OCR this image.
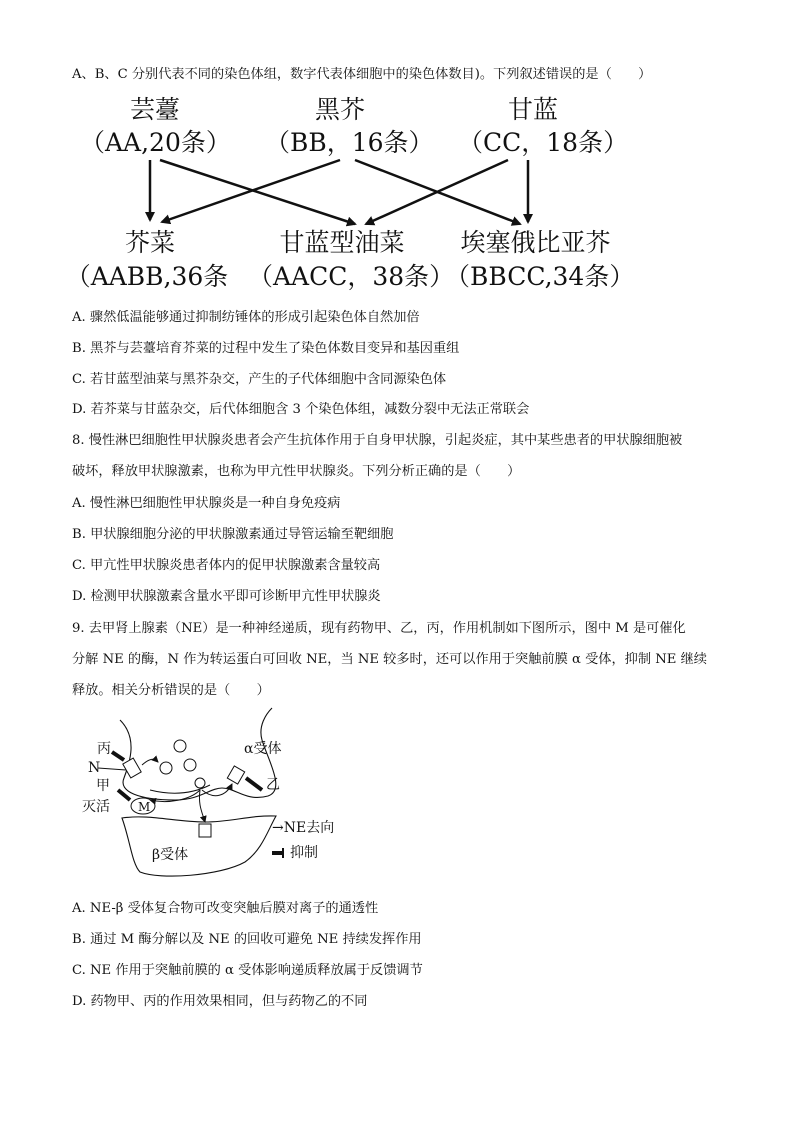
A、B、C 分别代表不同的染色体组，数字代表体细胞中的染色体数目)。下列叙述错误的是（　　）
芸薹
（AA,20条）
黑芥
（BB，16条）
甘蓝
（CC，18条）
芥菜
（AABB,36条
甘蓝型油菜
（AACC，38条）
埃塞俄比亚芥
（BBCC,34条）
A. 骤然低温能够通过抑制纺锤体的形成引起染色体自然加倍
B. 黑芥与芸薹培育芥菜的过程中发生了染色体数目变异和基因重组
C. 若甘蓝型油菜与黑芥杂交，产生的子代体细胞中含同源染色体
D. 若芥菜与甘蓝杂交，后代体细胞含 3 个染色体组，减数分裂中无法正常联会
8. 慢性淋巴细胞性甲状腺炎患者会产生抗体作用于自身甲状腺，引起炎症，其中某些患者的甲状腺细胞被
破坏，释放甲状腺激素，也称为甲亢性甲状腺炎。下列分析正确的是（　　）
A. 慢性淋巴细胞性甲状腺炎是一种自身免疫病
B. 甲状腺细胞分泌的甲状腺激素通过导管运输至靶细胞
C. 甲亢性甲状腺炎患者体内的促甲状腺激素含量较高
D. 检测甲状腺激素含量水平即可诊断甲亢性甲状腺炎
9. 去甲肾上腺素（NE）是一种神经递质，现有药物甲、乙，丙，作用机制如下图所示，图中 M 是可催化
分解 NE 的酶，N 作为转运蛋白可回收 NE，当 NE 较多时，还可以作用于突触前膜 α 受体，抑制 NE 继续
释放。相关分析错误的是（　　）
丙
N
甲
灭活 M
α受体
乙
β受体
→NE去向
抑制
A. NE-β 受体复合物可改变突触后膜对离子的通透性
B. 通过 M 酶分解以及 NE 的回收可避免 NE 持续发挥作用
C. NE 作用于突触前膜的 α 受体影响递质释放属于反馈调节
D. 药物甲、丙的作用效果相同，但与药物乙的不同
